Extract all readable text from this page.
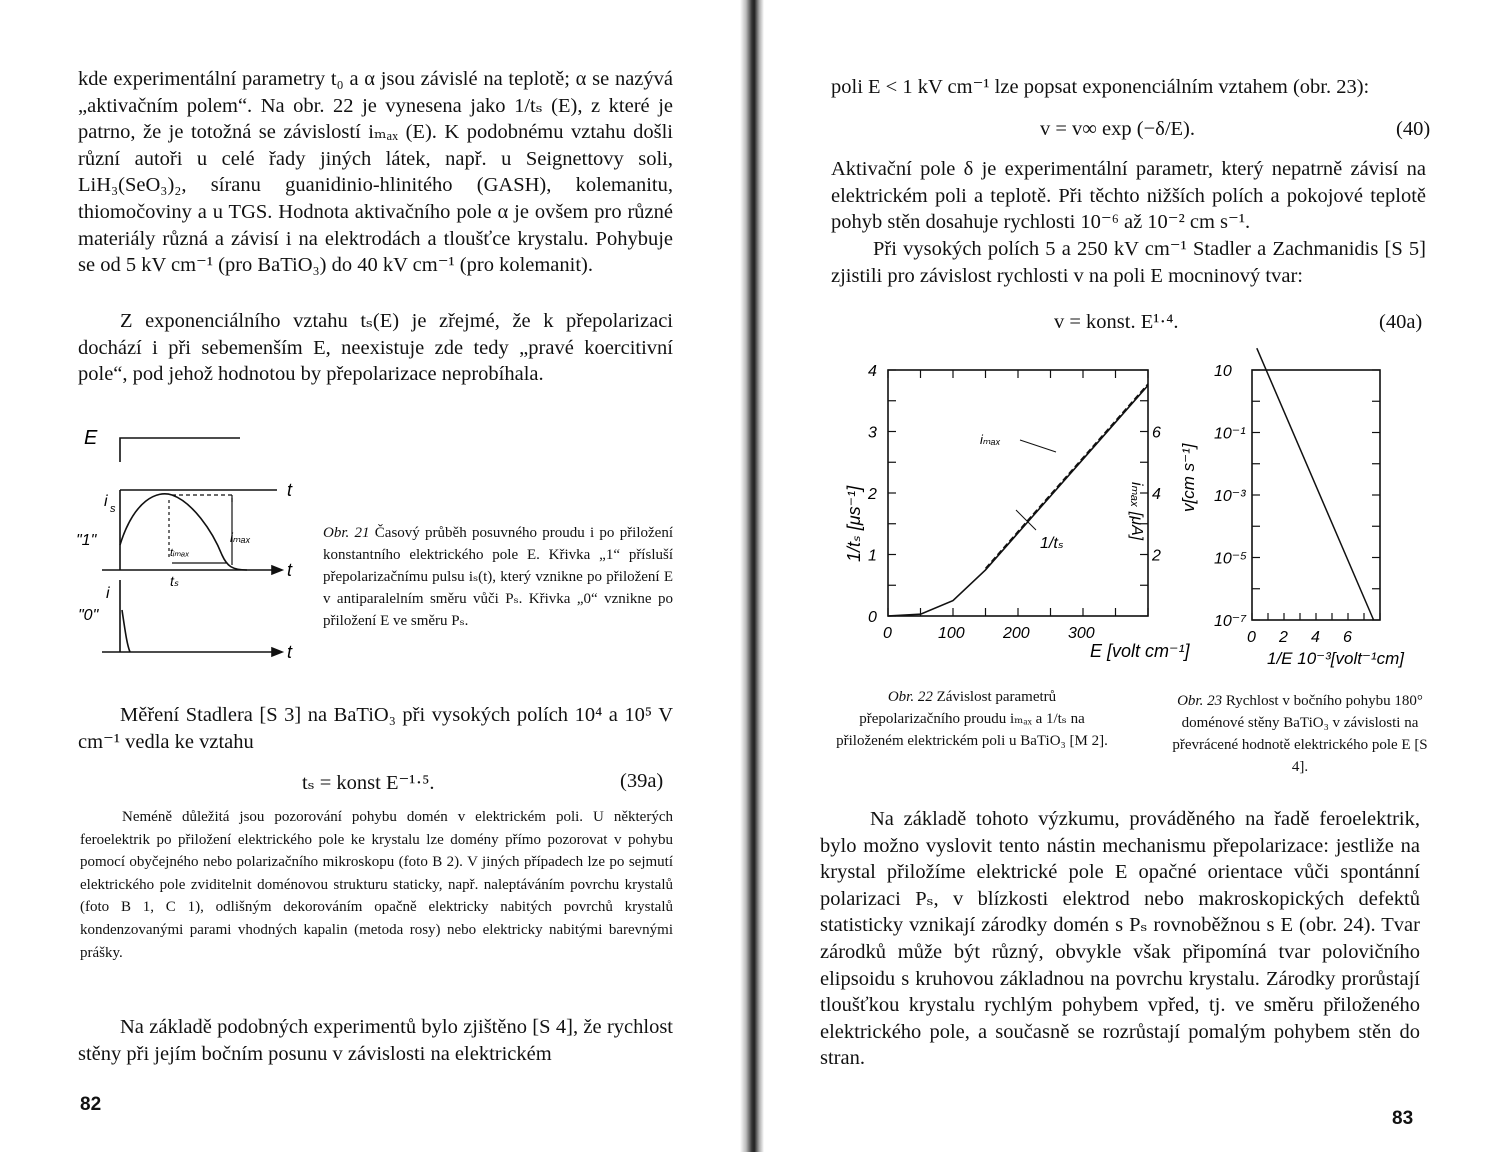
kde experimentální parametry t₀ a α jsou závislé na teplotě; α se nazývá „aktivačním polem“. Na obr. 22 je vynesena jako 1/tₛ (E), z které je patrno, že je totožná se závislostí iₘₐₓ (E). K podobnému vztahu došli různí autoři u celé řady jiných látek, např. u Seignettovy soli, LiH₃(SeO₃)₂, síranu guanidinio-hlinitého (GASH), kolemanitu, thiomočoviny a u TGS. Hodnota aktivačního pole α je ovšem pro různé materiály různá a závisí i na elektrodách a tloušťce krystalu. Pohybuje se od 5 kV cm⁻¹ (pro BaTiO₃) do 40 kV cm⁻¹ (pro kolemanit).

Z exponenciálního vztahu tₛ(E) je zřejmé, že k přepolarizaci dochází i při sebemenším E, neexistuje zde tedy „pravé koercitivní pole“, pod jehož hodnotou by přepolarizace neprobíhala.

E
t
t
t
i s
i
"1"
"0"
iₘₐₓ
tᵢₘₐₓ
tₛ

Obr. 21 Časový průběh posuvného proudu i po přiložení konstantního elektrického pole E. Křivka „1“ přísluší přepolarizačnímu pulsu iₛ(t), který vznikne po přiložení E v antiparalelním směru vůči Pₛ. Křivka „0“ vznikne po přiložení E ve směru Pₛ.

Měření Stadlera [S 3] na BaTiO₃ při vysokých polích 10⁴ a 10⁵ V cm⁻¹ vedla ke vztahu

tₛ = konst E⁻¹·⁵.	(39a)

Neméně důležitá jsou pozorování pohybu domén v elektrickém poli. U některých feroelektrik po přiložení elektrického pole ke krystalu lze domény přímo pozorovat v pohybu pomocí obyčejného nebo polarizačního mikroskopu (foto B 2). V jiných případech lze po sejmutí elektrického pole zviditelnit doménovou strukturu staticky, např. naleptáváním povrchu krystalů (foto B 1, C 1), odlišným dekorováním opačně elektricky nabitých povrchů krystalů kondenzovanými parami vhodných kapalin (metoda rosy) nebo elektricky nabitými barevnými prášky.

Na základě podobných experimentů bylo zjištěno [S 4], že rychlost stěny při jejím bočním posunu v závislosti na elektrickém

82

poli E < 1 kV cm⁻¹ lze popsat exponenciálním vztahem (obr. 23):

v = v∞ exp (−δ/E).	(40)

Aktivační pole δ je experimentální parametr, který nepatrně závisí na elektrickém poli a teplotě. Při těchto nižších polích a pokojové teplotě pohyb stěn dosahuje rychlosti 10⁻⁶ až 10⁻² cm s⁻¹.

Při vysokých polích 5 a 250 kV cm⁻¹ Stadler a Zachmanidis [S 5] zjistili pro závislost rychlosti v na poli E mocninový tvar:

v = konst. E¹·⁴.	(40a)
0
1
2
3
4
2
4
6
0	100 200 300
iₘₐₓ
1/tₛ
E [volt cm⁻¹]
1/tₛ [μs⁻¹]	iₘₐₓ [μA]
10
10⁻¹
10⁻³
10⁻⁵
10⁻⁷
0 2 4 6
1/E 10⁻³[volt⁻¹cm]
v[cm s⁻¹]

Obr. 22 Závislost parametrů přepolarizačního proudu iₘₐₓ a 1/tₛ na přiloženém elektrickém poli u BaTiO₃ [M 2].

Obr. 23 Rychlost v bočního pohybu 180° doménové stěny BaTiO₃ v závislosti na převrácené hodnotě elektrického pole E [S 4].

Na základě tohoto výzkumu, prováděného na řadě feroelektrik, bylo možno vyslovit tento nástin mechanismu přepolarizace: jestliže na krystal přiložíme elektrické pole E opačné orientace vůči spontánní polarizaci Pₛ, v blízkosti elektrod nebo makroskopických defektů statisticky vznikají zárodky domén s Pₛ rovnoběžnou s E (obr. 24). Tvar zárodků může být různý, obvykle však připomíná tvar polovičního elipsoidu s kruhovou základnou na povrchu krystalu. Zárodky prorůstají tloušťkou krystalu rychlým pohybem vpřed, tj. ve směru přiloženého elektrického pole, a současně se rozrůstají pomalým pohybem stěn do stran.

83
